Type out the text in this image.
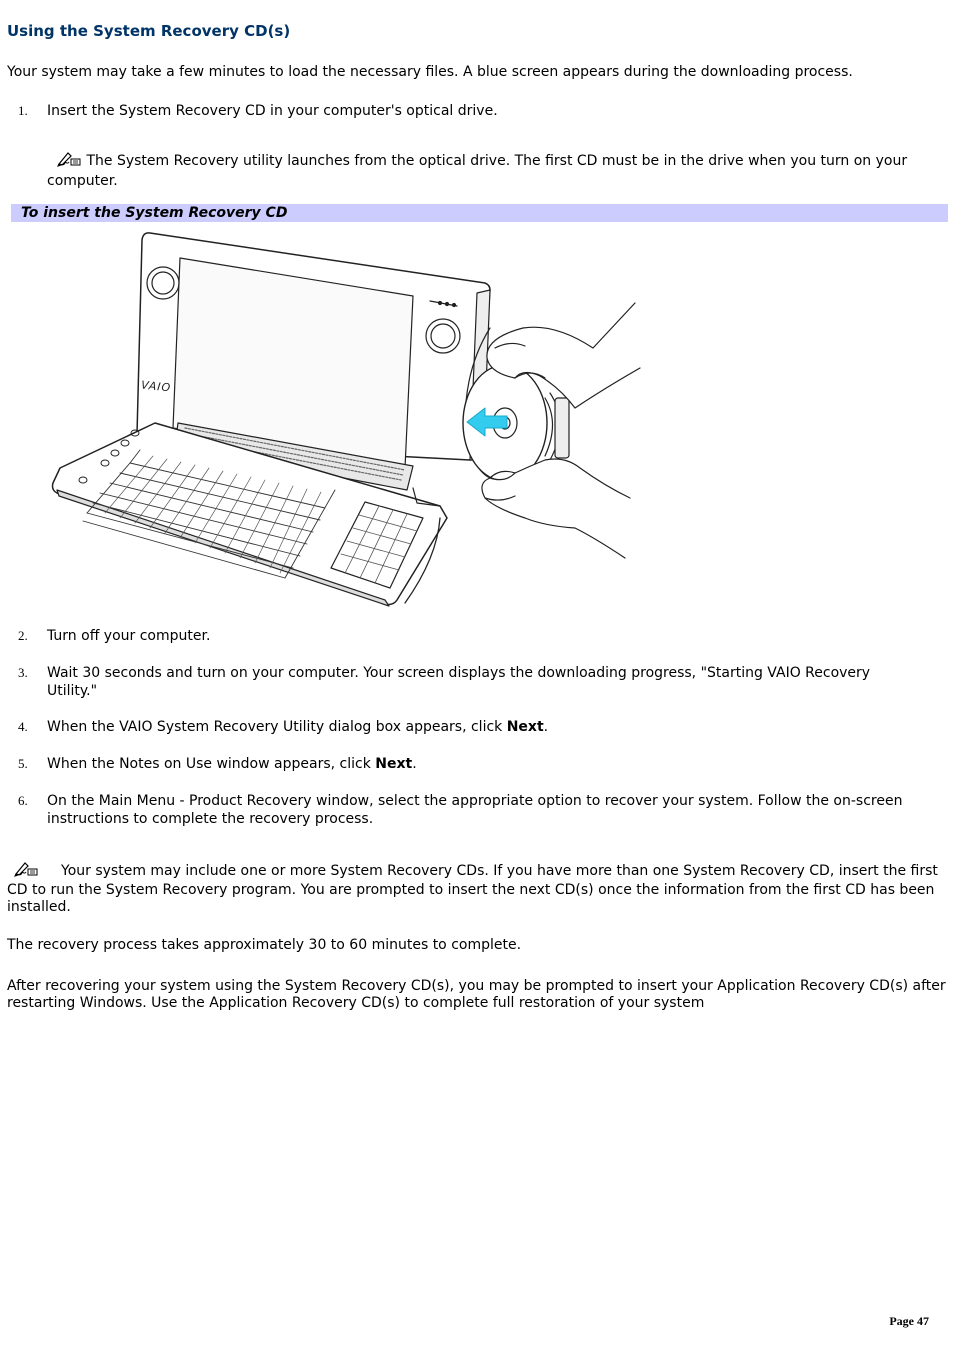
Using the System Recovery CD(s)
Your system may take a few minutes to load the necessary files. A blue screen appears during the downloading process.
1. Insert the System Recovery CD in your computer's optical drive.
The System Recovery utility launches from the optical drive. The first CD must be in the drive when you turn on your computer.
To insert the System Recovery CD
VAIO
2. Turn off your computer.
3. Wait 30 seconds and turn on your computer. Your screen displays the downloading progress, "Starting VAIO Recovery Utility."
4. When the VAIO System Recovery Utility dialog box appears, click Next.
5. When the Notes on Use window appears, click Next.
6. On the Main Menu - Product Recovery window, select the appropriate option to recover your system. Follow the on-screen instructions to complete the recovery process.
Your system may include one or more System Recovery CDs. If you have more than one System Recovery CD, insert the first CD to run the System Recovery program. You are prompted to insert the next CD(s) once the information from the first CD has been installed.
The recovery process takes approximately 30 to 60 minutes to complete.
After recovering your system using the System Recovery CD(s), you may be prompted to insert your Application Recovery CD(s) after restarting Windows. Use the Application Recovery CD(s) to complete full restoration of your system
Page 47
